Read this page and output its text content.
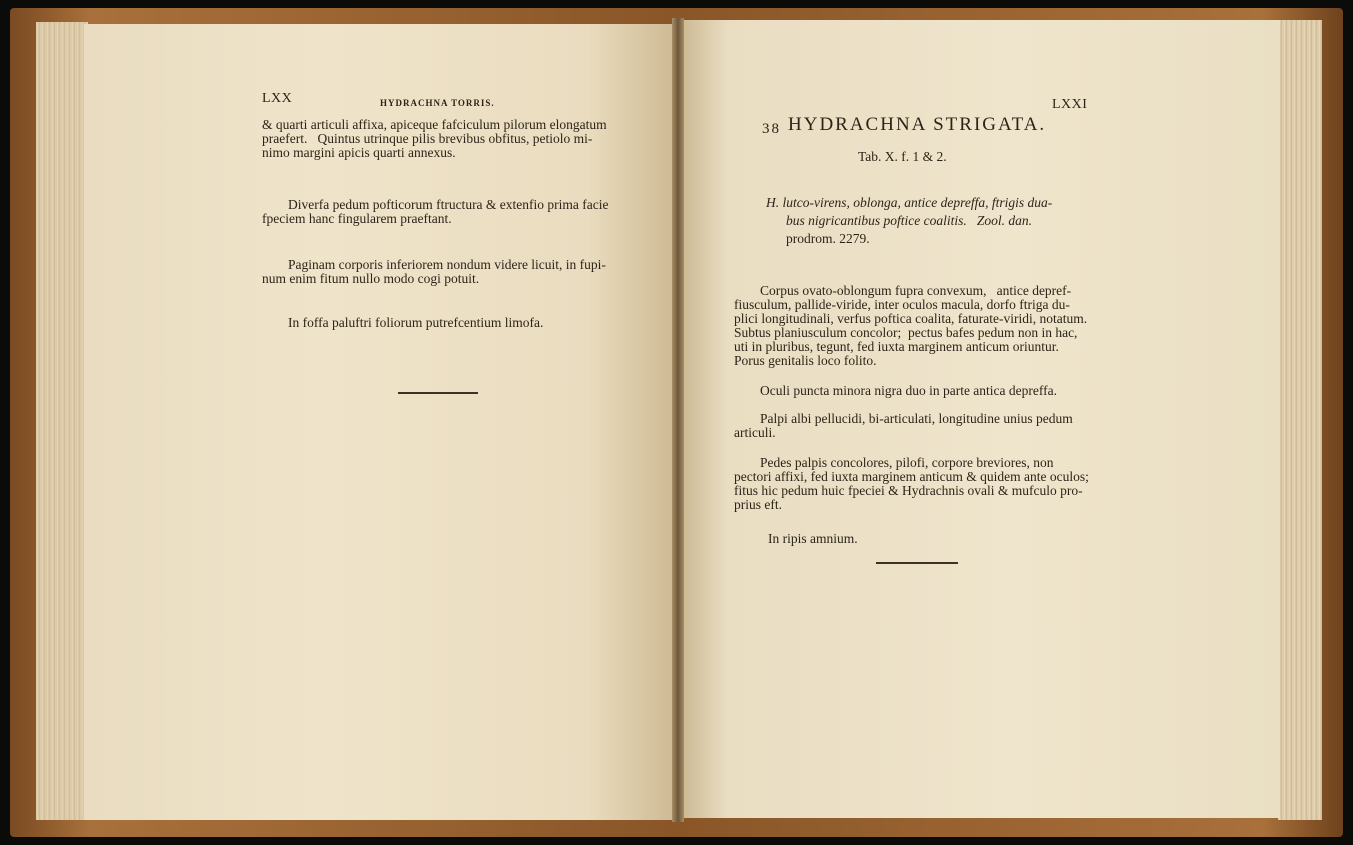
LXX	HYDRACHNA TORRIS.
& quarti articuli affixa, apiceque fafciculum pilorum elongatum
praefert.   Quintus utrinque pilis brevibus obfitus, petiolo mi-
nimo margini apicis quarti annexus.
Diverfa pedum pofticorum ftructura & extenfio prima facie
fpeciem hanc fingularem praeftant.
Paginam corporis inferiorem nondum videre licuit, in fupi-
num enim fitum nullo modo cogi potuit.
In foffa paluftri foliorum putrefcentium limofa.
LXXI
38 HYDRACHNA STRIGATA.
Tab. X. f. 1 & 2.
H. lutco-virens, oblonga, antice depreffa, ftrigis dua-
bus nigricantibus poftice coalitis.   Zool. dan.
prodrom. 2279.
Corpus ovato-oblongum fupra convexum,   antice depref-
fiusculum, pallide-viride, inter oculos macula, dorfo ftriga du-
plici longitudinali, verfus poftica coalita, faturate-viridi, notatum.
Subtus planiusculum concolor;  pectus bafes pedum non in hac,
uti in pluribus, tegunt, fed iuxta marginem anticum oriuntur.
Porus genitalis loco folito.
Oculi puncta minora nigra duo in parte antica depreffa.
Palpi albi pellucidi, bi-articulati, longitudine unius pedum
articuli.
Pedes palpis concolores, pilofi, corpore breviores, non
pectori affixi, fed iuxta marginem anticum & quidem ante oculos;
fitus hic pedum huic fpeciei & Hydrachnis ovali & mufculo pro-
prius eft.
In ripis amnium.
